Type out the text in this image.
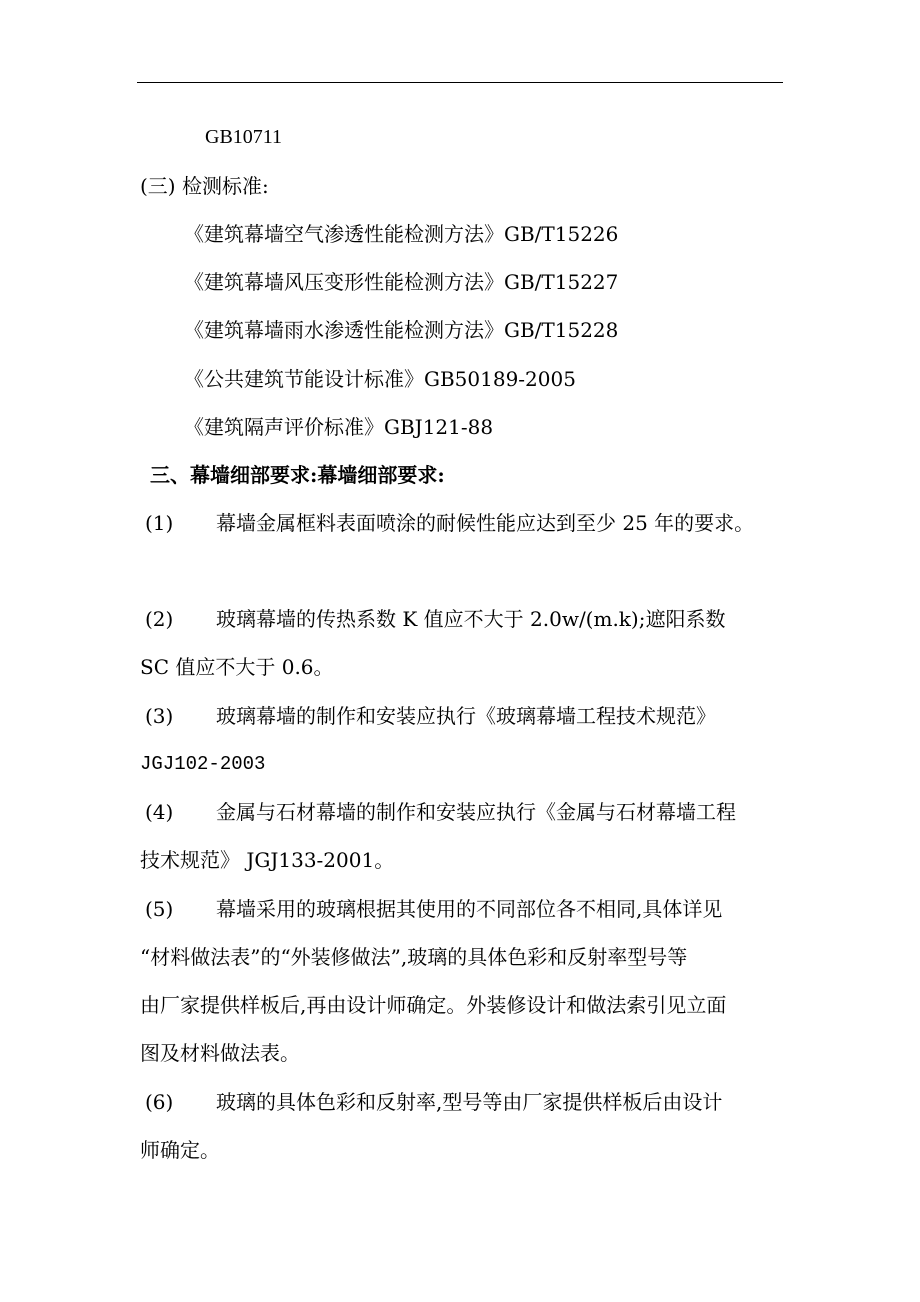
GB10711

(三) 检测标准:

《建筑幕墙空气渗透性能检测方法》GB/T15226

《建筑幕墙风压变形性能检测方法》GB/T15227

《建筑幕墙雨水渗透性能检测方法》GB/T15228

《公共建筑节能设计标准》GB50189-2005

《建筑隔声评价标准》GBJ121-88

三、幕墙细部要求:幕墙细部要求:

(1) 幕墙金属框料表面喷涂的耐候性能应达到至少 25 年的要求。

(2) 玻璃幕墙的传热系数 K 值应不大于 2.0w/(m.k);遮阳系数

SC 值应不大于 0.6。

(3) 玻璃幕墙的制作和安装应执行《玻璃幕墙工程技术规范》

JGJ102-2003

(4) 金属与石材幕墙的制作和安装应执行《金属与石材幕墙工程

技术规范》 JGJ133-2001。

(5) 幕墙采用的玻璃根据其使用的不同部位各不相同,具体详见

“材料做法表”的“外装修做法”,玻璃的具体色彩和反射率型号等

由厂家提供样板后,再由设计师确定。外装修设计和做法索引见立面

图及材料做法表。

(6) 玻璃的具体色彩和反射率,型号等由厂家提供样板后由设计

师确定。
